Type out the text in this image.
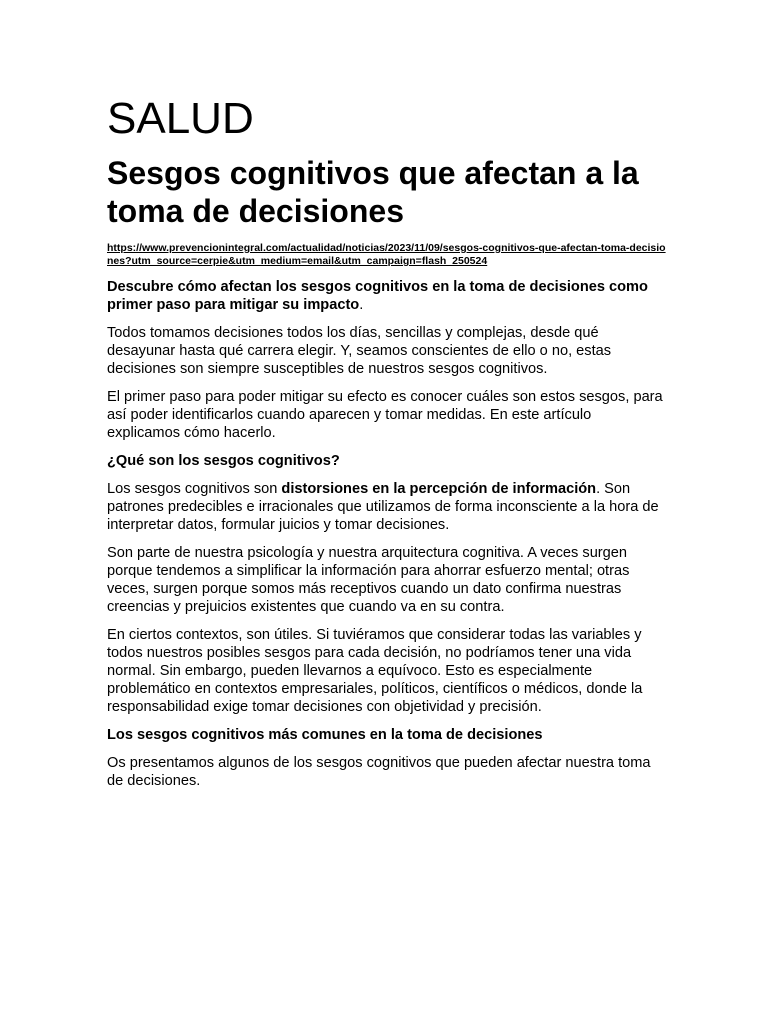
SALUD
Sesgos cognitivos que afectan a la toma de decisiones
https://www.prevencionintegral.com/actualidad/noticias/2023/11/09/sesgos-cognitivos-que-afectan-toma-decisiones?utm_source=cerpie&utm_medium=email&utm_campaign=flash_250524
Descubre cómo afectan los sesgos cognitivos en la toma de decisiones como primer paso para mitigar su impacto.

Todos tomamos decisiones todos los días, sencillas y complejas, desde qué desayunar hasta qué carrera elegir. Y, seamos conscientes de ello o no, estas decisiones son siempre susceptibles de nuestros sesgos cognitivos.

El primer paso para poder mitigar su efecto es conocer cuáles son estos sesgos, para así poder identificarlos cuando aparecen y tomar medidas. En este artículo explicamos cómo hacerlo.

¿Qué son los sesgos cognitivos?

Los sesgos cognitivos son distorsiones en la percepción de información. Son patrones predecibles e irracionales que utilizamos de forma inconsciente a la hora de interpretar datos, formular juicios y tomar decisiones.

Son parte de nuestra psicología y nuestra arquitectura cognitiva. A veces surgen porque tendemos a simplificar la información para ahorrar esfuerzo mental; otras veces, surgen porque somos más receptivos cuando un dato confirma nuestras creencias y prejuicios existentes que cuando va en su contra.

En ciertos contextos, son útiles. Si tuviéramos que considerar todas las variables y todos nuestros posibles sesgos para cada decisión, no podríamos tener una vida normal. Sin embargo, pueden llevarnos a equívoco. Esto es especialmente problemático en contextos empresariales, políticos, científicos o médicos, donde la responsabilidad exige tomar decisiones con objetividad y precisión.

Los sesgos cognitivos más comunes en la toma de decisiones

Os presentamos algunos de los sesgos cognitivos que pueden afectar nuestra toma de decisiones.
